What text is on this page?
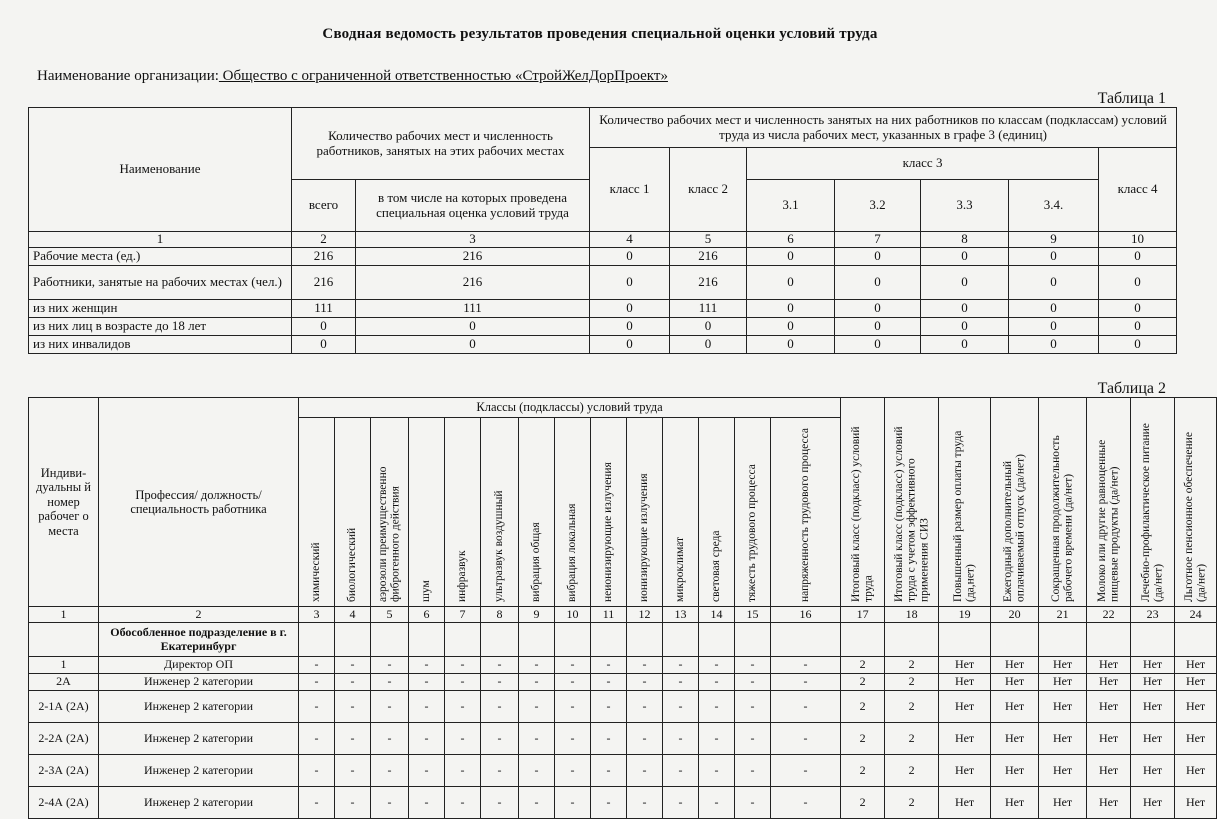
Сводная ведомость результатов проведения специальной оценки условий труда
Наименование организации: Общество с ограниченной ответственностью «СтройЖелДорПроект»
Таблица 1
Наименование	Количество рабочих мест и численность работников, занятых на этих рабочих местах		Количество рабочих мест и численность занятых на них работников по классам (подклассам) условий труда из числа рабочих мест, указанных в графе 3 (единиц)						
			класс 1	класс 2	класс 3				класс 4
	всего	в том числе на которых проведена специальная оценка условий труда			3.1	3.2	3.3	3.4.	
1	2	3	4	5	6	7	8	9	10
Рабочие места (ед.)	216	216	0	216	0	0	0	0	0
Работники, занятые на рабочих местах (чел.)	216	216	0	216	0	0	0	0	0
из них женщин	111	111	0	111	0	0	0	0	0
из них лиц в возрасте до 18 лет	0	0	0	0	0	0	0	0	0
из них инвалидов	0	0	0	0	0	0	0	0	0
Таблица 2
Индиви- дуальны й номер рабочег о места	Профессия/ должность/ специальность работника	Классы (подклассы) условий труда														Итоговый класс (подкласс) условий труда	Итоговый класс (подкласс) условий труда с учетом эффективного применения СИЗ	Повышенный размер оплаты труда (да,нет)	Ежегодный дополнительный оплачиваемый отпуск (да/нет)	Сокращенная продолжительность рабочего времени (да/нет)	Молоко или другие равноценные пищевые продукты (да/нет)	Лечебно-профилактическое питание (да/нет)	Льготное пенсионное обеспечение (да/нет)

		химический	биологический	аэрозоли преимущественно фиброгенного действия	шум	инфразвук	ультразвук воздушный	вибрация общая	вибрация локальная	неионизирующие излучения	ионизирующие излучения	микроклимат	световая среда	тяжесть трудового процесса	напряженность трудового процесса								

1	2	3	4	5	6	7	8	9	10	11	12	13	14	15	16	17	18	19	20	21	22	23	24
	Обособленное подразделение в г. Екатеринбург																						
1	Директор ОП	-	-	-	-	-	-	-	-	-	-	-	-	-	-	2	2	Нет	Нет	Нет	Нет	Нет	Нет
2А	Инженер 2 категории	-	-	-	-	-	-	-	-	-	-	-	-	-	-	2	2	Нет	Нет	Нет	Нет	Нет	Нет
2-1А (2А)	Инженер 2 категории	-	-	-	-	-	-	-	-	-	-	-	-	-	-	2	2	Нет	Нет	Нет	Нет	Нет	Нет
2-2А (2А)	Инженер 2 категории	-	-	-	-	-	-	-	-	-	-	-	-	-	-	2	2	Нет	Нет	Нет	Нет	Нет	Нет
2-3А (2А)	Инженер 2 категории	-	-	-	-	-	-	-	-	-	-	-	-	-	-	2	2	Нет	Нет	Нет	Нет	Нет	Нет
2-4А (2А)	Инженер 2 категории	-	-	-	-	-	-	-	-	-	-	-	-	-	-	2	2	Нет	Нет	Нет	Нет	Нет	Нет
